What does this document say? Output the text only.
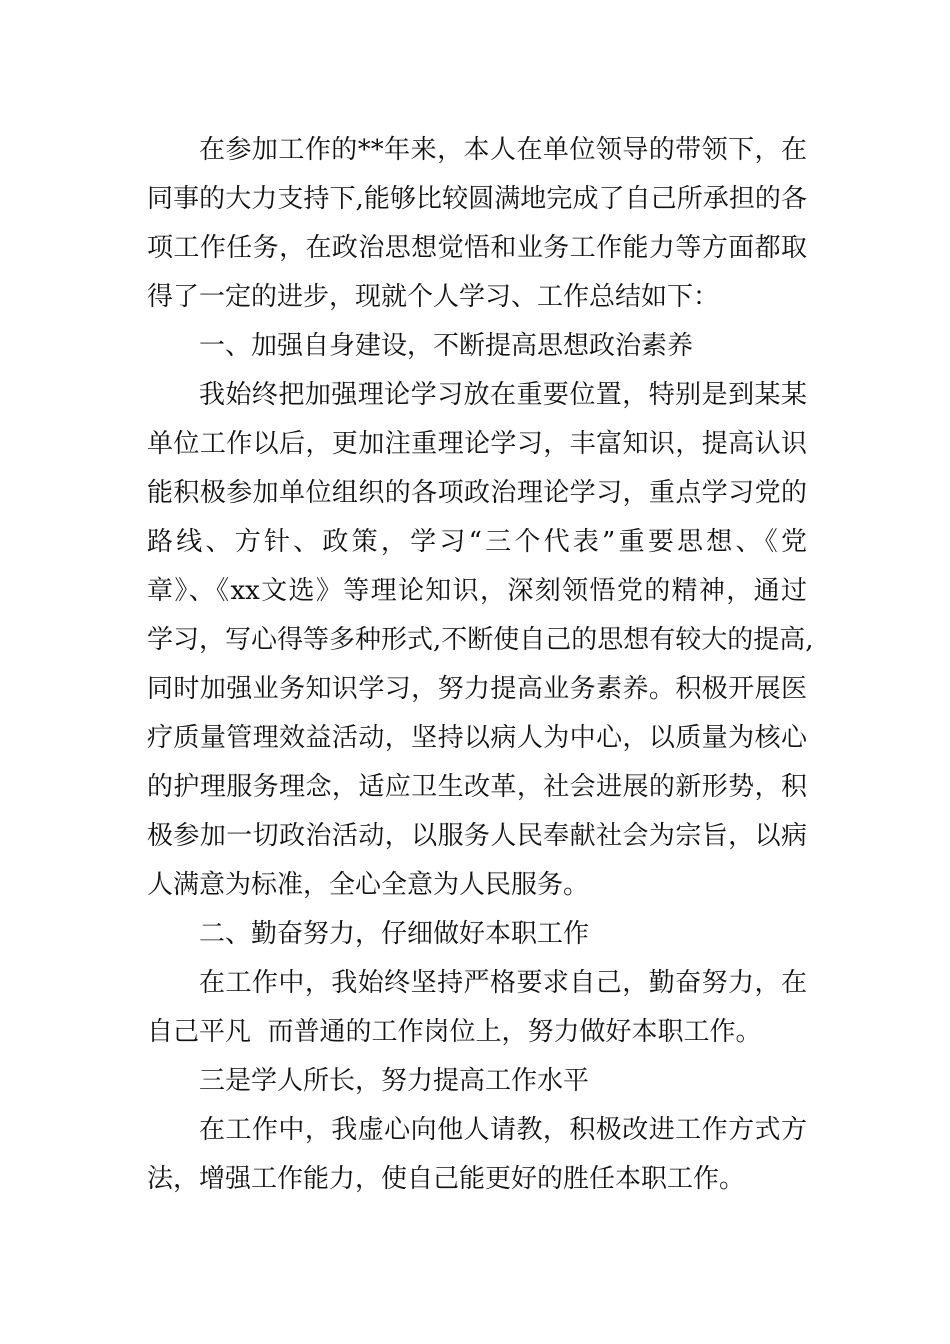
在参加工作的**年来，本人在单位领导的带领下，在
同事的大力支持下,能够比较圆满地完成了自己所承担的各
项工作任务，在政治思想觉悟和业务工作能力等方面都取
得了一定的进步，现就个人学习、工作总结如下：
一、加强自身建设，不断提高思想政治素养
我始终把加强理论学习放在重要位置，特别是到某某
单位工作以后，更加注重理论学习，丰富知识，提高认识
能积极参加单位组织的各项政治理论学习，重点学习党的
路线、方针、政策，学习“三个代表”重要思想、《党
章》、《xx文选》等理论知识，深刻领悟党的精神，通过
学习，写心得等多种形式,不断使自己的思想有较大的提高,
同时加强业务知识学习，努力提高业务素养。积极开展医
疗质量管理效益活动，坚持以病人为中心，以质量为核心
的护理服务理念，适应卫生改革，社会进展的新形势，积
极参加一切政治活动，以服务人民奉献社会为宗旨，以病
人满意为标准，全心全意为人民服务。
二、勤奋努力，仔细做好本职工作
在工作中，我始终坚持严格要求自己，勤奋努力，在
自己平凡  而普通的工作岗位上，努力做好本职工作。
三是学人所长，努力提高工作水平
在工作中，我虚心向他人请教，积极改进工作方式方
法，增强工作能力，使自己能更好的胜任本职工作。
